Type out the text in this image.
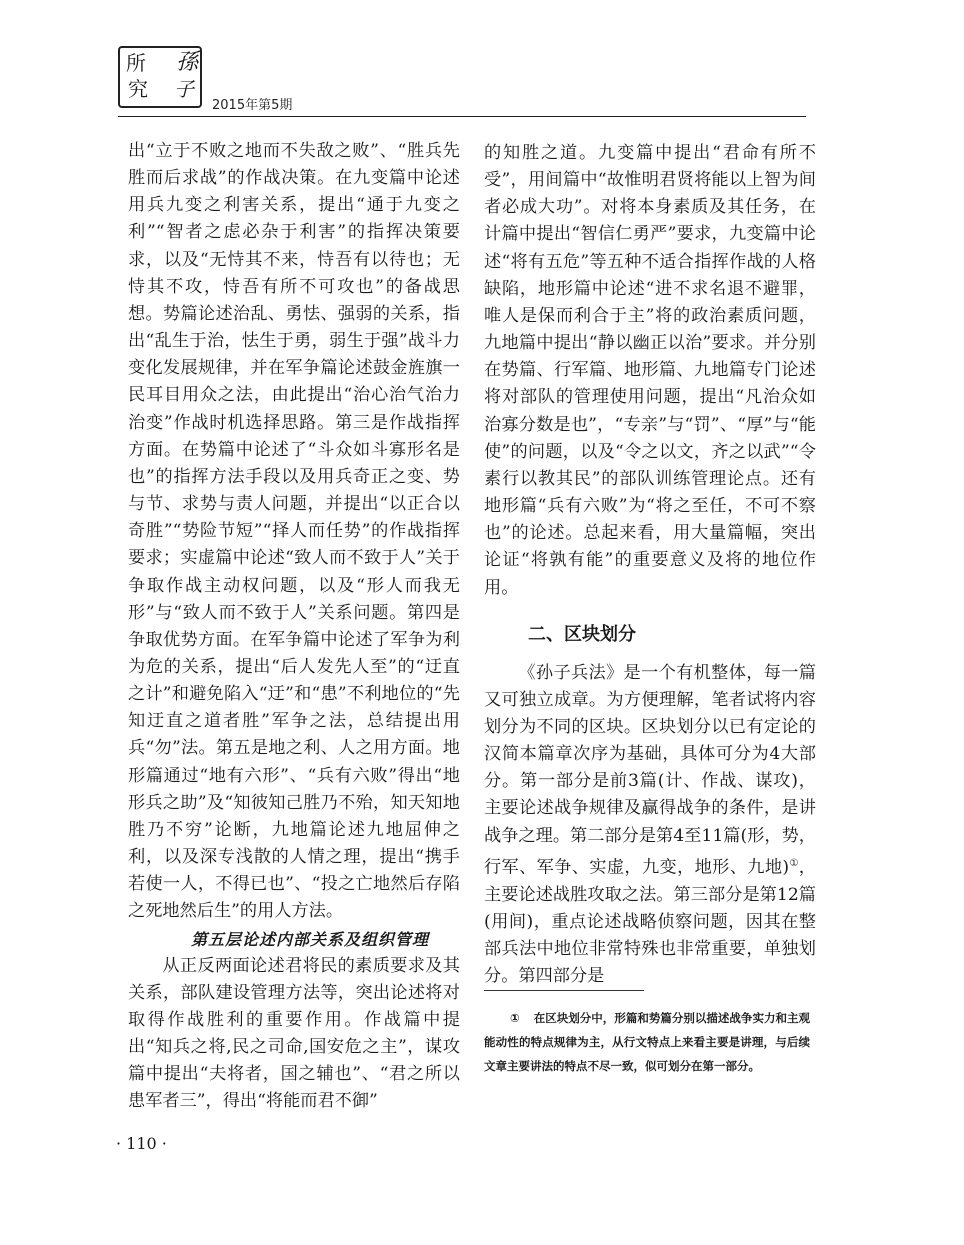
所 孫
究 子
2015年第5期

出“立于不败之地而不失敌之败”、“胜兵先胜而后求战”的作战决策。在九变篇中论述用兵九变之利害关系，提出“通于九变之利”“智者之虑必杂于利害”的指挥决策要求，以及“无恃其不来，恃吾有以待也；无恃其不攻，恃吾有所不可攻也”的备战思想。势篇论述治乱、勇怯、强弱的关系，指出“乱生于治，怯生于勇，弱生于强”战斗力变化发展规律，并在军争篇论述鼓金旌旗一民耳目用众之法，由此提出“治心治气治力治变”作战时机选择思路。第三是作战指挥方面。在势篇中论述了“斗众如斗寡形名是也”的指挥方法手段以及用兵奇正之变、势与节、求势与责人问题，并提出“以正合以奇胜”“势险节短”“择人而任势”的作战指挥要求；实虚篇中论述“致人而不致于人”关于争取作战主动权问题，以及“形人而我无形”与“致人而不致于人”关系问题。第四是争取优势方面。在军争篇中论述了军争为利为危的关系，提出“后人发先人至”的“迂直之计”和避免陷入“迂”和“患”不利地位的“先知迂直之道者胜”军争之法，总结提出用兵“勿”法。第五是地之利、人之用方面。地形篇通过“地有六形”、“兵有六败”得出“地形兵之助”及“知彼知己胜乃不殆，知天知地胜乃不穷”论断，九地篇论述九地屈伸之利，以及深专浅散的人情之理，提出“携手若使一人，不得已也”、“投之亡地然后存陷之死地然后生”的用人方法。

第五层论述内部关系及组织管理

从正反两面论述君将民的素质要求及其关系，部队建设管理方法等，突出论述将对取得作战胜利的重要作用。作战篇中提出“知兵之将,民之司命,国安危之主”，谋攻篇中提出“夫将者，国之辅也”、“君之所以患军者三”，得出“将能而君不御”

的知胜之道。九变篇中提出“君命有所不受”，用间篇中“故惟明君贤将能以上智为间者必成大功”。对将本身素质及其任务，在计篇中提出“智信仁勇严”要求，九变篇中论述“将有五危”等五种不适合指挥作战的人格缺陷，地形篇中论述“进不求名退不避罪，唯人是保而利合于主”将的政治素质问题，九地篇中提出“静以幽正以治”要求。并分别在势篇、行军篇、地形篇、九地篇专门论述将对部队的管理使用问题，提出“凡治众如治寡分数是也”，“专亲”与“罚”、“厚”与“能使”的问题，以及“令之以文，齐之以武”“令素行以教其民”的部队训练管理论点。还有地形篇“兵有六败”为“将之至任，不可不察也”的论述。总起来看，用大量篇幅，突出论证“将孰有能”的重要意义及将的地位作用。

二、区块划分

《孙子兵法》是一个有机整体，每一篇又可独立成章。为方便理解，笔者试将内容划分为不同的区块。区块划分以已有定论的汉简本篇章次序为基础，具体可分为4大部分。第一部分是前3篇(计、作战、谋攻)，主要论述战争规律及赢得战争的条件，是讲战争之理。第二部分是第4至11篇(形，势，行军、军争、实虚，九变，地形、九地)①，主要论述战胜攻取之法。第三部分是第12篇(用间)，重点论述战略侦察问题，因其在整部兵法中地位非常特殊也非常重要，单独划分。第四部分是

① 在区块划分中，形篇和势篇分别以描述战争实力和主观能动性的特点规律为主，从行文特点上来看主要是讲理，与后续文章主要讲法的特点不尽一致，似可划分在第一部分。
· 110 ·
